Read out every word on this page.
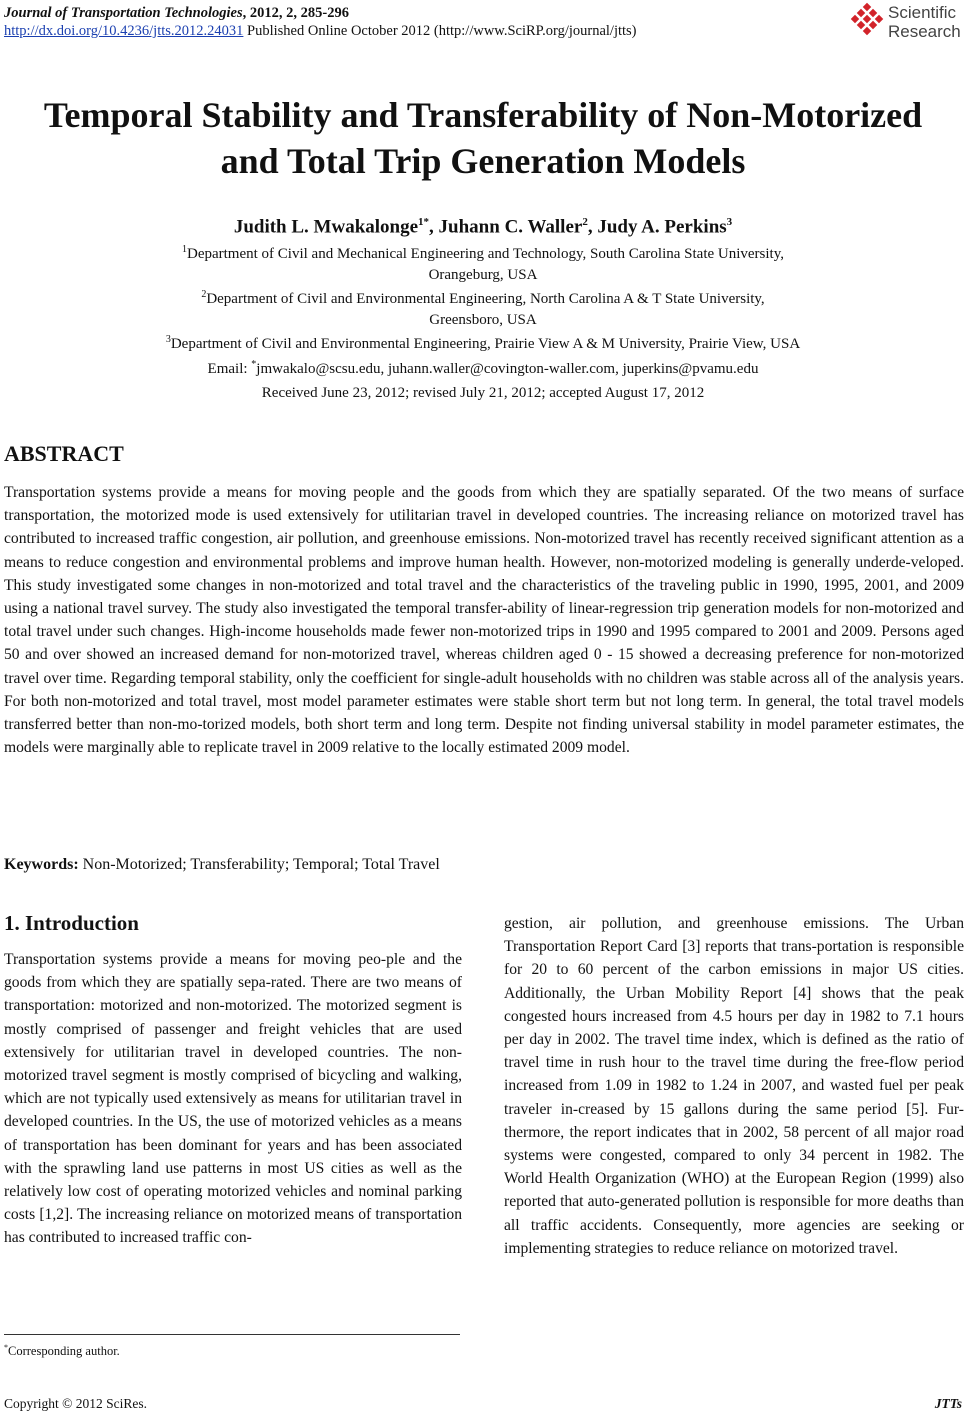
Journal of Transportation Technologies, 2012, 2, 285-296
http://dx.doi.org/10.4236/jtts.2012.24031 Published Online October 2012 (http://www.SciRP.org/journal/jtts)
Scientific
Research
Temporal Stability and Transferability of Non-Motorized
and Total Trip Generation Models
Judith L. Mwakalonge$^{1*}$, Juhann C. Waller$^2$, Judy A. Perkins$^3$
$^1$Department of Civil and Mechanical Engineering and Technology, South Carolina State University,
Orangeburg, USA
$^2$Department of Civil and Environmental Engineering, North Carolina A & T State University,
Greensboro, USA
$^3$Department of Civil and Environmental Engineering, Prairie View A & M University, Prairie View, USA
Email: *jmwakalo@scsu.edu, juhann.waller@covington-waller.com, juperkins@pvamu.edu
Received June 23, 2012; revised July 21, 2012; accepted August 17, 2012
ABSTRACT
Transportation systems provide a means for moving people and the goods from which they are spatially separated. Of the two means of surface transportation, the motorized mode is used extensively for utilitarian travel in developed countries. The increasing reliance on motorized travel has contributed to increased traffic congestion, air pollution, and greenhouse emissions. Non-motorized travel has recently received significant attention as a means to reduce congestion and environmental problems and improve human health. However, non-motorized modeling is generally underde-veloped. This study investigated some changes in non-motorized and total travel and the characteristics of the traveling public in 1990, 1995, 2001, and 2009 using a national travel survey. The study also investigated the temporal transfer-ability of linear-regression trip generation models for non-motorized and total travel under such changes. High-income households made fewer non-motorized trips in 1990 and 1995 compared to 2001 and 2009. Persons aged 50 and over showed an increased demand for non-motorized travel, whereas children aged 0 - 15 showed a decreasing preference for non-motorized travel over time. Regarding temporal stability, only the coefficient for single-adult households with no children was stable across all of the analysis years. For both non-motorized and total travel, most model parameter estimates were stable short term but not long term. In general, the total travel models transferred better than non-mo-torized models, both short term and long term. Despite not finding universal stability in model parameter estimates, the models were marginally able to replicate travel in 2009 relative to the locally estimated 2009 model.
Keywords: Non-Motorized; Transferability; Temporal; Total Travel
1. Introduction
Transportation systems provide a means for moving peo-ple and the goods from which they are spatially sepa-rated. There are two means of transportation: motorized and non-motorized. The motorized segment is mostly comprised of passenger and freight vehicles that are used extensively for utilitarian travel in developed countries. The non-motorized travel segment is mostly comprised of bicycling and walking, which are not typically used extensively as means for utilitarian travel in developed countries. In the US, the use of motorized vehicles as a means of transportation has been dominant for years and has been associated with the sprawling land use patterns in most US cities as well as the relatively low cost of operating motorized vehicles and nominal parking costs [1,2]. The increasing reliance on motorized means of transportation has contributed to increased traffic con-
gestion, air pollution, and greenhouse emissions. The Urban Transportation Report Card [3] reports that trans-portation is responsible for 20 to 60 percent of the carbon emissions in major US cities. Additionally, the Urban Mobility Report [4] shows that the peak congested hours increased from 4.5 hours per day in 1982 to 7.1 hours per day in 2002. The travel time index, which is defined as the ratio of travel time in rush hour to the travel time during the free-flow period increased from 1.09 in 1982 to 1.24 in 2007, and wasted fuel per peak traveler in-creased by 15 gallons during the same period [5]. Fur-thermore, the report indicates that in 2002, 58 percent of all major road systems were congested, compared to only 34 percent in 1982. The World Health Organization (WHO) at the European Region (1999) also reported that auto-generated pollution is responsible for more deaths than all traffic accidents. Consequently, more agencies are seeking or implementing strategies to reduce reliance on motorized travel.
*Corresponding author.
Copyright © 2012 SciRes.	JTTs
